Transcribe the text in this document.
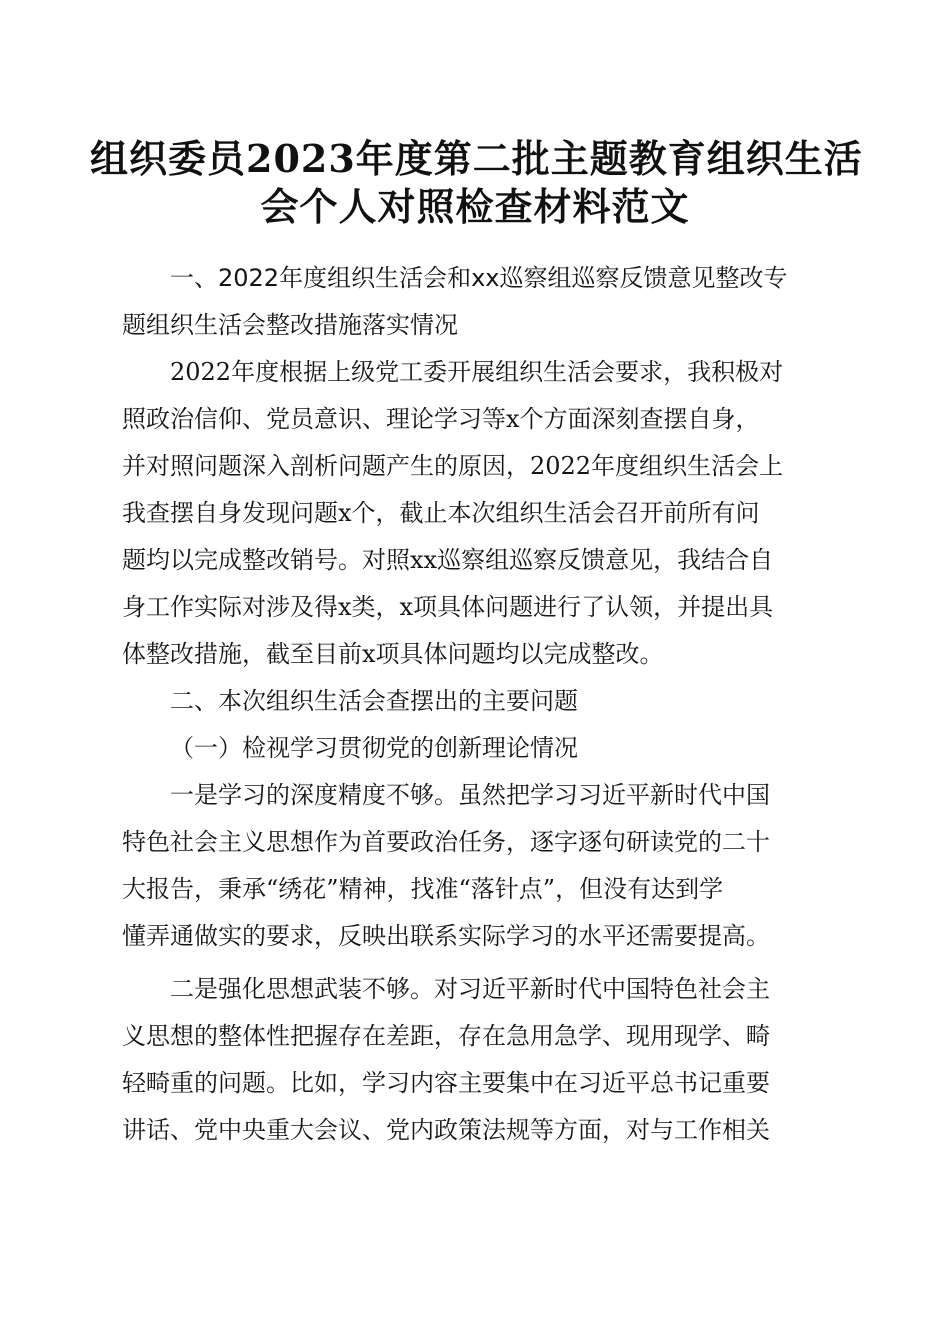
组织委员2023年度第二批主题教育组织生活
会个人对照检查材料范文
一、2022年度组织生活会和xx巡察组巡察反馈意见整改专
题组织生活会整改措施落实情况
2022年度根据上级党工委开展组织生活会要求，我积极对
照政治信仰、党员意识、理论学习等x个方面深刻查摆自身，
并对照问题深入剖析问题产生的原因，2022年度组织生活会上
我查摆自身发现问题x个，截止本次组织生活会召开前所有问
题均以完成整改销号。对照xx巡察组巡察反馈意见，我结合自
身工作实际对涉及得x类，x项具体问题进行了认领，并提出具
体整改措施，截至目前x项具体问题均以完成整改。
二、本次组织生活会查摆出的主要问题
（一）检视学习贯彻党的创新理论情况
一是学习的深度精度不够。虽然把学习习近平新时代中国
特色社会主义思想作为首要政治任务，逐字逐句研读党的二十
大报告，秉承“绣花”精神，找准“落针点”，但没有达到学
懂弄通做实的要求，反映出联系实际学习的水平还需要提高。
二是强化思想武装不够。对习近平新时代中国特色社会主
义思想的整体性把握存在差距，存在急用急学、现用现学、畸
轻畸重的问题。比如，学习内容主要集中在习近平总书记重要
讲话、党中央重大会议、党内政策法规等方面，对与工作相关
